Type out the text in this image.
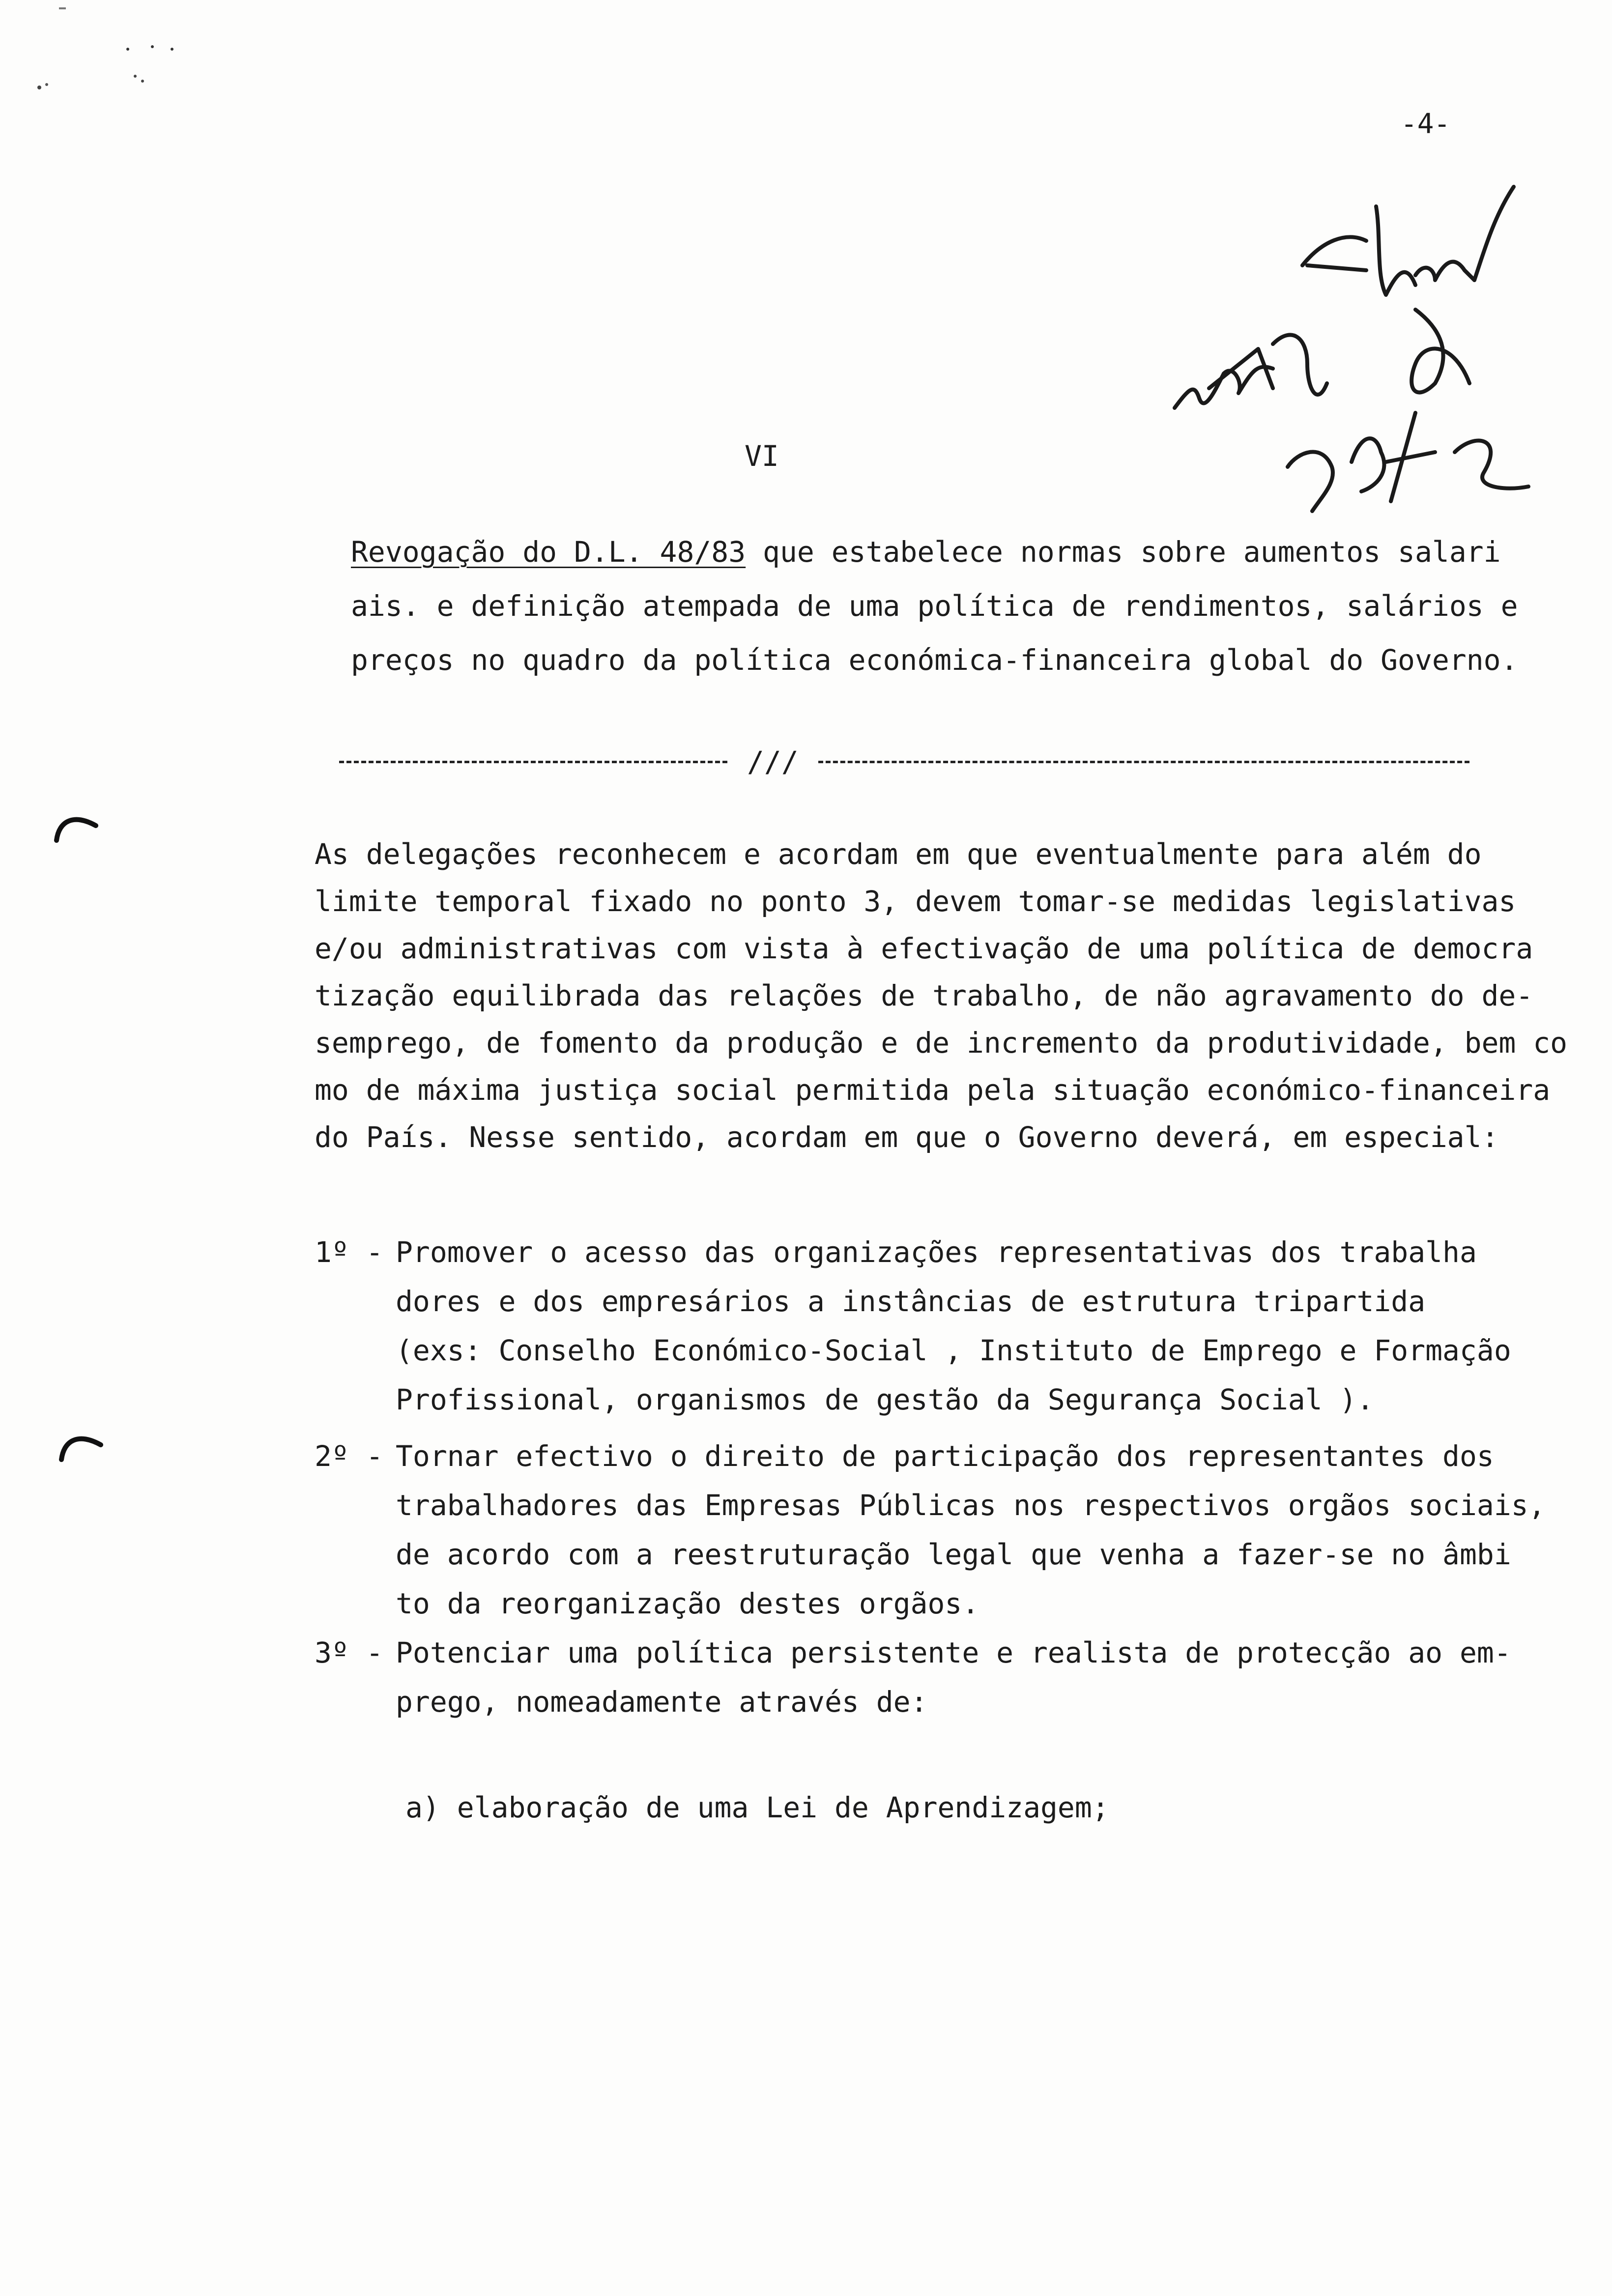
-4-
VI
Revogação do D.L. 48/83 que estabelece normas sobre aumentos salari
ais. e definição atempada de uma política de rendimentos, salários e
preços no quadro da política económica-financeira global do Governo.
///
As delegações reconhecem e acordam em que eventualmente para além do
limite temporal fixado no ponto 3, devem tomar-se medidas legislativas
e/ou administrativas com vista à efectivação de uma política de democra
tização equilibrada das relações de trabalho, de não agravamento do de-
semprego, de fomento da produção e de incremento da produtividade, bem co
mo de máxima justiça social permitida pela situação económico-financeira
do País. Nesse sentido, acordam em que o Governo deverá, em especial:
1º - Promover o acesso das organizações representativas dos trabalha
dores e dos empresários a instâncias de estrutura tripartida
(exs: Conselho Económico-Social , Instituto de Emprego e Formação
Profissional, organismos de gestão da Segurança Social ).
2º - Tornar efectivo o direito de participação dos representantes dos
trabalhadores das Empresas Públicas nos respectivos orgãos sociais,
de acordo com a reestruturação legal que venha a fazer-se no âmbi
to da reorganização destes orgãos.
3º - Potenciar uma política persistente e realista de protecção ao em-
prego, nomeadamente através de:
a) elaboração de uma Lei de Aprendizagem;
